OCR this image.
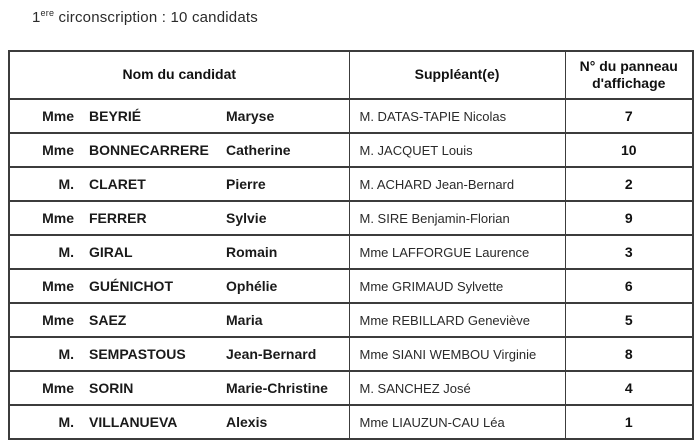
1ere circonscription : 10 candidats
Nom du candidat	Suppléant(e)	N° du panneau d'affichage

Mme BEYRIÉ Maryse	M. DATAS-TAPIE Nicolas	7

Mme BONNECARRERE Catherine	M. JACQUET Louis	10

M. CLARET Pierre	M. ACHARD Jean-Bernard	2

Mme FERRER Sylvie	M. SIRE Benjamin-Florian	9

M. GIRAL Romain	Mme LAFFORGUE Laurence	3

Mme GUÉNICHOT Ophélie	Mme GRIMAUD Sylvette	6

Mme SAEZ Maria	Mme REBILLARD Geneviève	5

M. SEMPASTOUS Jean-Bernard	Mme SIANI WEMBOU Virginie	8

Mme SORIN Marie-Christine	M. SANCHEZ José	4

M. VILLANUEVA Alexis	Mme LIAUZUN-CAU Léa	1
